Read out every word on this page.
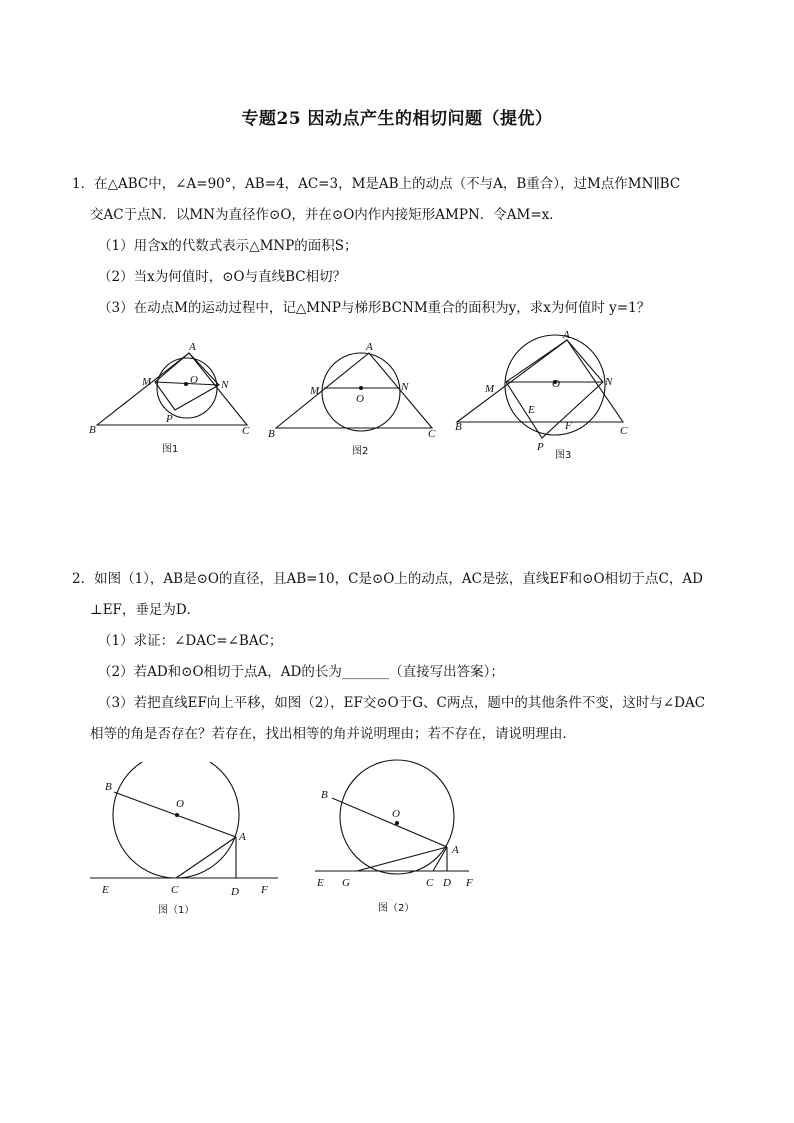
专题25 因动点产生的相切问题（提优）
1．在△ABC中，∠A=90°，AB=4，AC=3，M是AB上的动点（不与A，B重合），过M点作MN∥BC
交AC于点N．以MN为直径作⊙O，并在⊙O内作内接矩形AMPN．令AM=x．
（1）用含x的代数式表示△MNP的面积S；
（2）当x为何值时，⊙O与直线BC相切？
（3）在动点M的运动过程中，记△MNP与梯形BCNM重合的面积为y，求x为何值时 y=1？
A
M	O N
P
B	C
图1
A
M
O
N
B	C
图2
A
M	O	N
E
F
P
B	C
图3
2．如图（1），AB是⊙O的直径，且AB=10，C是⊙O上的动点，AC是弦，直线EF和⊙O相切于点C，AD
⊥EF，垂足为D．
（1）求证：∠DAC=∠BAC；
（2）若AD和⊙O相切于点A，AD的长为_______（直接写出答案）；
（3）若把直线EF向上平移，如图（2），EF交⊙O于G、C两点，题中的其他条件不变，这时与∠DAC
相等的角是否存在？若存在，找出相等的角并说明理由；若不存在，请说明理由．
B
O
A
E	C	D F
图（1）
B
O
A
E G	C D F
图（2）
